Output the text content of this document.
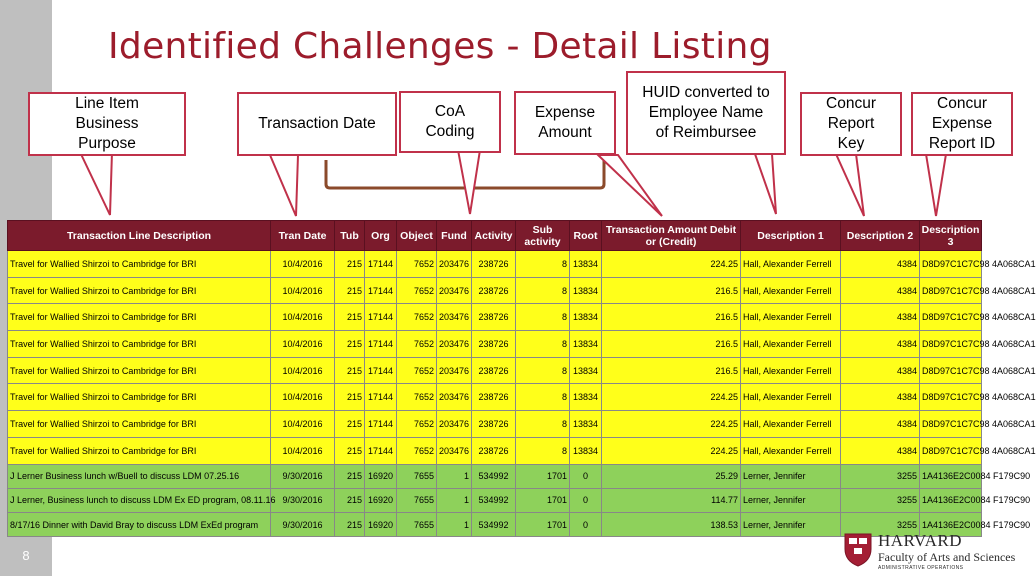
8
Identified Challenges - Detail Listing
Line Item Business Purpose
Transaction Date
CoA Coding
Expense Amount
HUID converted to Employee Name of Reimbursee
Concur Report Key
Concur Expense Report ID
Transaction Line Description	Tran Date	Tub	Org	Object	Fund	Activity	Sub activity	Root	Transaction Amount Debit or (Credit)	Description 1	Description 2	Description 3
Travel for Wallied Shirzoi to Cambridge for BRI	10/4/2016	215	17144	7652	203476	238726	8	13834	224.25	Hall, Alexander Ferrell	4384	D8D97C1C7C98 4A068CA1
Travel for Wallied Shirzoi to Cambridge for BRI	10/4/2016	215	17144	7652	203476	238726	8	13834	216.5	Hall, Alexander Ferrell	4384	D8D97C1C7C98 4A068CA1
Travel for Wallied Shirzoi to Cambridge for BRI	10/4/2016	215	17144	7652	203476	238726	8	13834	216.5	Hall, Alexander Ferrell	4384	D8D97C1C7C98 4A068CA1
Travel for Wallied Shirzoi to Cambridge for BRI	10/4/2016	215	17144	7652	203476	238726	8	13834	216.5	Hall, Alexander Ferrell	4384	D8D97C1C7C98 4A068CA1
Travel for Wallied Shirzoi to Cambridge for BRI	10/4/2016	215	17144	7652	203476	238726	8	13834	216.5	Hall, Alexander Ferrell	4384	D8D97C1C7C98 4A068CA1
Travel for Wallied Shirzoi to Cambridge for BRI	10/4/2016	215	17144	7652	203476	238726	8	13834	224.25	Hall, Alexander Ferrell	4384	D8D97C1C7C98 4A068CA1
Travel for Wallied Shirzoi to Cambridge for BRI	10/4/2016	215	17144	7652	203476	238726	8	13834	224.25	Hall, Alexander Ferrell	4384	D8D97C1C7C98 4A068CA1
Travel for Wallied Shirzoi to Cambridge for BRI	10/4/2016	215	17144	7652	203476	238726	8	13834	224.25	Hall, Alexander Ferrell	4384	D8D97C1C7C98 4A068CA1
J Lerner Business lunch w/Buell to discuss LDM 07.25.16	9/30/2016	215	16920	7655	1	534992	1701	0	25.29	Lerner, Jennifer	3255	1A4136E2C0084 F179C90
J Lerner, Business lunch to discuss LDM Ex ED program, 08.11.16	9/30/2016	215	16920	7655	1	534992	1701	0	114.77	Lerner, Jennifer	3255	1A4136E2C0084 F179C90
8/17/16 Dinner with David Bray to discuss LDM ExEd program	9/30/2016	215	16920	7655	1	534992	1701	0	138.53	Lerner, Jennifer	3255	1A4136E2C0084 F179C90
HARVARD
Faculty of Arts and Sciences
ADMINISTRATIVE OPERATIONS
